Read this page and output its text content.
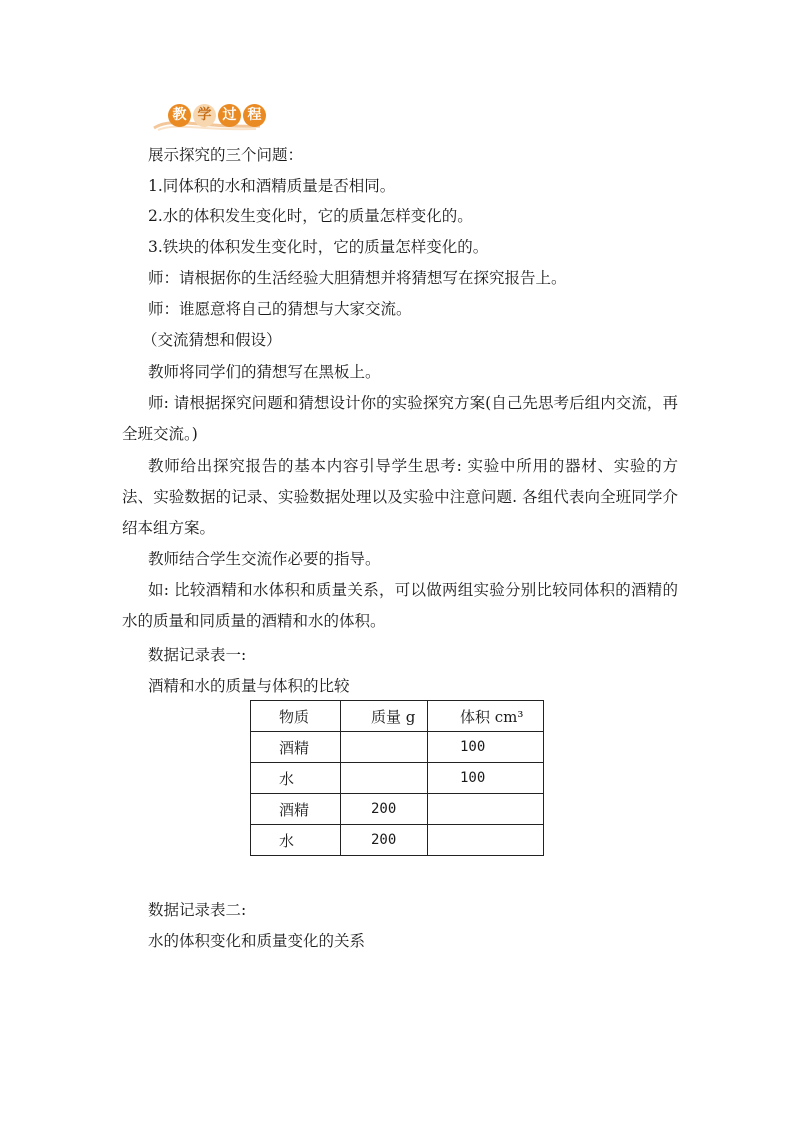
教 学 过 程
展示探究的三个问题：
1.同体积的水和酒精质量是否相同。
2.水的体积发生变化时，它的质量怎样变化的。
3.铁块的体积发生变化时，它的质量怎样变化的。
师：请根据你的生活经验大胆猜想并将猜想写在探究报告上。
师：谁愿意将自己的猜想与大家交流。
（交流猜想和假设）
教师将同学们的猜想写在黑板上。
师: 请根据探究问题和猜想设计你的实验探究方案(自己先思考后组内交流，再全班交流。)
教师给出探究报告的基本内容引导学生思考: 实验中所用的器材、实验的方法、实验数据的记录、实验数据处理以及实验中注意问题. 各组代表向全班同学介绍本组方案。
教师结合学生交流作必要的指导。
如: 比较酒精和水体积和质量关系，可以做两组实验分别比较同体积的酒精的水的质量和同质量的酒精和水的体积。
数据记录表一:
酒精和水的质量与体积的比较
物质	质量 g	体积 cm³
酒精		100
水		100
酒精	200	
水	200	
数据记录表二:
水的体积变化和质量变化的关系
